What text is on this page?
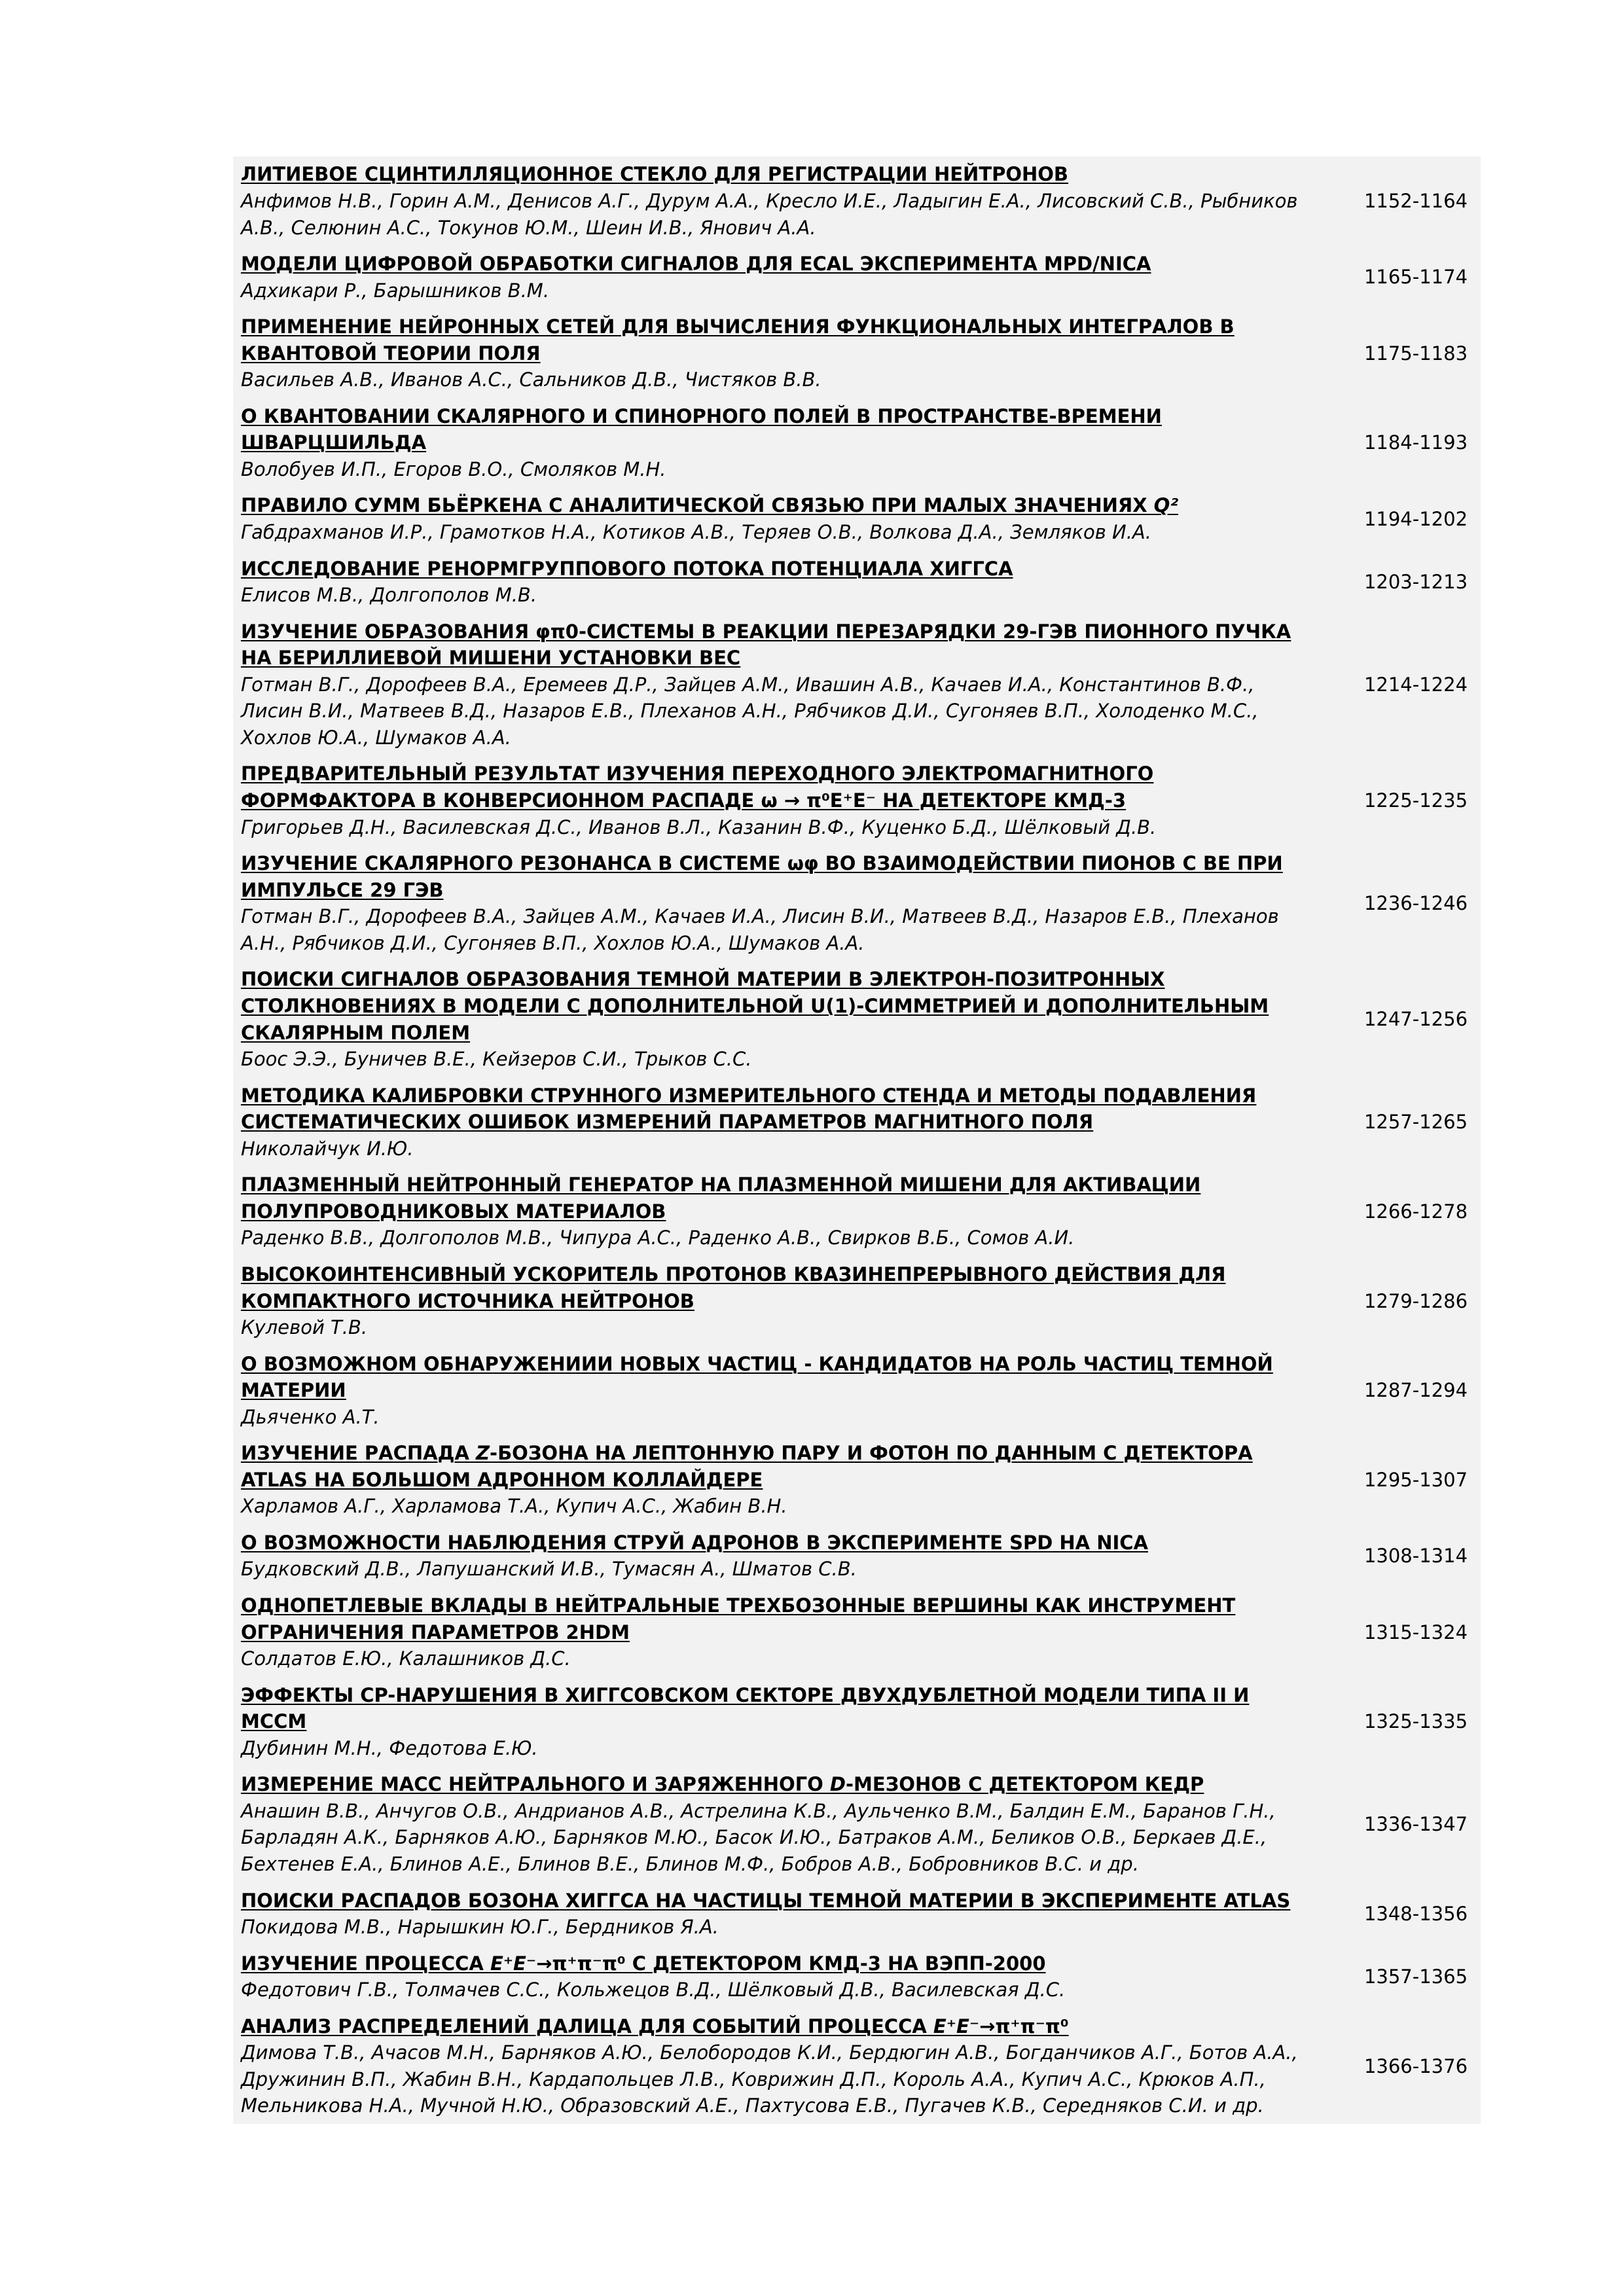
ЛИТИЕВОЕ СЦИНТИЛЛЯЦИОННОЕ СТЕКЛО ДЛЯ РЕГИСТРАЦИИ НЕЙТРОНОВ
Анфимов Н.В., Горин А.М., Денисов А.Г., Дурум А.А., Кресло И.Е., Ладыгин Е.А., Лисовский С.В., Рыбников
А.В., Селюнин А.С., Токунов Ю.М., Шеин И.В., Янович А.А.
1152-1164
МОДЕЛИ ЦИФРОВОЙ ОБРАБОТКИ СИГНАЛОВ ДЛЯ ECAL ЭКСПЕРИМЕНТА MPD/NICA
Адхикари Р., Барышников В.М.
1165-1174
ПРИМЕНЕНИЕ НЕЙРОННЫХ СЕТЕЙ ДЛЯ ВЫЧИСЛЕНИЯ ФУНКЦИОНАЛЬНЫХ ИНТЕГРАЛОВ В
КВАНТОВОЙ ТЕОРИИ ПОЛЯ
Васильев А.В., Иванов А.С., Сальников Д.В., Чистяков В.В.
1175-1183
О КВАНТОВАНИИ СКАЛЯРНОГО И СПИНОРНОГО ПОЛЕЙ В ПРОСТРАНСТВЕ-ВРЕМЕНИ
ШВАРЦШИЛЬДА
Волобуев И.П., Егоров В.О., Смоляков М.Н.
1184-1193
ПРАВИЛО СУММ БЬЁРКЕНА С АНАЛИТИЧЕСКОЙ СВЯЗЬЮ ПРИ МАЛЫХ ЗНАЧЕНИЯХ Q²
Габдрахманов И.Р., Грамотков Н.А., Котиков А.В., Теряев О.В., Волкова Д.А., Земляков И.А.
1194-1202
ИССЛЕДОВАНИЕ РЕНОРМГРУППОВОГО ПОТОКА ПОТЕНЦИАЛА ХИГГСА
Елисов М.В., Долгополов М.В.
1203-1213
ИЗУЧЕНИЕ ОБРАЗОВАНИЯ φπ0-СИСТЕМЫ В РЕАКЦИИ ПЕРЕЗАРЯДКИ 29-ГЭВ ПИОННОГО ПУЧКА
НА БЕРИЛЛИЕВОЙ МИШЕНИ УСТАНОВКИ ВЕС
Готман В.Г., Дорофеев В.А., Еремеев Д.Р., Зайцев А.М., Ивашин А.В., Качаев И.А., Константинов В.Ф.,
Лисин В.И., Матвеев В.Д., Назаров Е.В., Плеханов А.Н., Рябчиков Д.И., Сугоняев В.П., Холоденко М.С.,
Хохлов Ю.А., Шумаков А.А.
1214-1224
ПРЕДВАРИТЕЛЬНЫЙ РЕЗУЛЬТАТ ИЗУЧЕНИЯ ПЕРЕХОДНОГО ЭЛЕКТРОМАГНИТНОГО
ФОРМФАКТОРА В КОНВЕРСИОННОМ РАСПАДЕ ω → π⁰E⁺E⁻ НА ДЕТЕКТОРЕ КМД-3
Григорьев Д.Н., Василевская Д.С., Иванов В.Л., Казанин В.Ф., Куценко Б.Д., Шёлковый Д.В.
1225-1235
ИЗУЧЕНИЕ СКАЛЯРНОГО РЕЗОНАНСА В СИСТЕМЕ ωφ ВО ВЗАИМОДЕЙСТВИИ ПИОНОВ С ВЕ ПРИ
ИМПУЛЬСЕ 29 ГЭВ
Готман В.Г., Дорофеев В.А., Зайцев А.М., Качаев И.А., Лисин В.И., Матвеев В.Д., Назаров Е.В., Плеханов
А.Н., Рябчиков Д.И., Сугоняев В.П., Хохлов Ю.А., Шумаков А.А.
1236-1246
ПОИСКИ СИГНАЛОВ ОБРАЗОВАНИЯ ТЕМНОЙ МАТЕРИИ В ЭЛЕКТРОН-ПОЗИТРОННЫХ
СТОЛКНОВЕНИЯХ В МОДЕЛИ С ДОПОЛНИТЕЛЬНОЙ U(1)-СИММЕТРИЕЙ И ДОПОЛНИТЕЛЬНЫМ
СКАЛЯРНЫМ ПОЛЕМ
Боос Э.Э., Буничев В.Е., Кейзеров С.И., Трыков С.С.
1247-1256
МЕТОДИКА КАЛИБРОВКИ СТРУННОГО ИЗМЕРИТЕЛЬНОГО СТЕНДА И МЕТОДЫ ПОДАВЛЕНИЯ
СИСТЕМАТИЧЕСКИХ ОШИБОК ИЗМЕРЕНИЙ ПАРАМЕТРОВ МАГНИТНОГО ПОЛЯ
Николайчук И.Ю.
1257-1265
ПЛАЗМЕННЫЙ НЕЙТРОННЫЙ ГЕНЕРАТОР НА ПЛАЗМЕННОЙ МИШЕНИ ДЛЯ АКТИВАЦИИ
ПОЛУПРОВОДНИКОВЫХ МАТЕРИАЛОВ
Раденко В.В., Долгополов М.В., Чипура А.С., Раденко А.В., Свирков В.Б., Сомов А.И.
1266-1278
ВЫСОКОИНТЕНСИВНЫЙ УСКОРИТЕЛЬ ПРОТОНОВ КВАЗИНЕПРЕРЫВНОГО ДЕЙСТВИЯ ДЛЯ
КОМПАКТНОГО ИСТОЧНИКА НЕЙТРОНОВ
Кулевой Т.В.
1279-1286
О ВОЗМОЖНОМ ОБНАРУЖЕНИИИ НОВЫХ ЧАСТИЦ - КАНДИДАТОВ НА РОЛЬ ЧАСТИЦ ТЕМНОЙ
МАТЕРИИ
Дьяченко А.Т.
1287-1294
ИЗУЧЕНИЕ РАСПАДА Z-БОЗОНА НА ЛЕПТОННУЮ ПАРУ И ФОТОН ПО ДАННЫМ С ДЕТЕКТОРА
ATLAS НА БОЛЬШОМ АДРОННОМ КОЛЛАЙДЕРЕ
Харламов А.Г., Харламова Т.А., Купич А.С., Жабин В.Н.
1295-1307
О ВОЗМОЖНОСТИ НАБЛЮДЕНИЯ СТРУЙ АДРОНОВ В ЭКСПЕРИМЕНТЕ SPD НА NICA
Будковский Д.В., Лапушанский И.В., Тумасян А., Шматов С.В.
1308-1314
ОДНОПЕТЛЕВЫЕ ВКЛАДЫ В НЕЙТРАЛЬНЫЕ ТРЕХБОЗОННЫЕ ВЕРШИНЫ КАК ИНСТРУМЕНТ
ОГРАНИЧЕНИЯ ПАРАМЕТРОВ 2HDM
Солдатов Е.Ю., Калашников Д.С.
1315-1324
ЭФФЕКТЫ CP-НАРУШЕНИЯ В ХИГГСОВСКОМ СЕКТОРЕ ДВУХДУБЛЕТНОЙ МОДЕЛИ ТИПА II И
МССМ
Дубинин М.Н., Федотова Е.Ю.
1325-1335
ИЗМЕРЕНИЕ МАСС НЕЙТРАЛЬНОГО И ЗАРЯЖЕННОГО D-МЕЗОНОВ С ДЕТЕКТОРОМ КЕДР
Анашин В.В., Анчугов О.В., Андрианов А.В., Астрелина К.В., Аульченко В.М., Балдин Е.М., Баранов Г.Н.,
Барладян А.К., Барняков А.Ю., Барняков М.Ю., Басок И.Ю., Батраков А.М., Беликов О.В., Беркаев Д.Е.,
Бехтенев Е.А., Блинов А.Е., Блинов В.Е., Блинов М.Ф., Бобров А.В., Бобровников В.С. и др.
1336-1347
ПОИСКИ РАСПАДОВ БОЗОНА ХИГГСА НА ЧАСТИЦЫ ТЕМНОЙ МАТЕРИИ В ЭКСПЕРИМЕНТЕ ATLAS
Покидова М.В., Нарышкин Ю.Г., Бердников Я.А.
1348-1356
ИЗУЧЕНИЕ ПРОЦЕССА E⁺E⁻→π⁺π⁻π⁰ С ДЕТЕКТОРОМ КМД-3 НА ВЭПП-2000
Федотович Г.В., Толмачев С.С., Кольжецов В.Д., Шёлковый Д.В., Василевская Д.С.
1357-1365
АНАЛИЗ РАСПРЕДЕЛЕНИЙ ДАЛИЦА ДЛЯ СОБЫТИЙ ПРОЦЕССА E⁺E⁻→π⁺π⁻π⁰
Димова Т.В., Ачасов М.Н., Барняков А.Ю., Белобородов К.И., Бердюгин А.В., Богданчиков А.Г., Ботов А.А.,
Дружинин В.П., Жабин В.Н., Кардапольцев Л.В., Коврижин Д.П., Король А.А., Купич А.С., Крюков А.П.,
Мельникова Н.А., Мучной Н.Ю., Образовский А.Е., Пахтусова Е.В., Пугачев К.В., Середняков С.И. и др.
1366-1376
